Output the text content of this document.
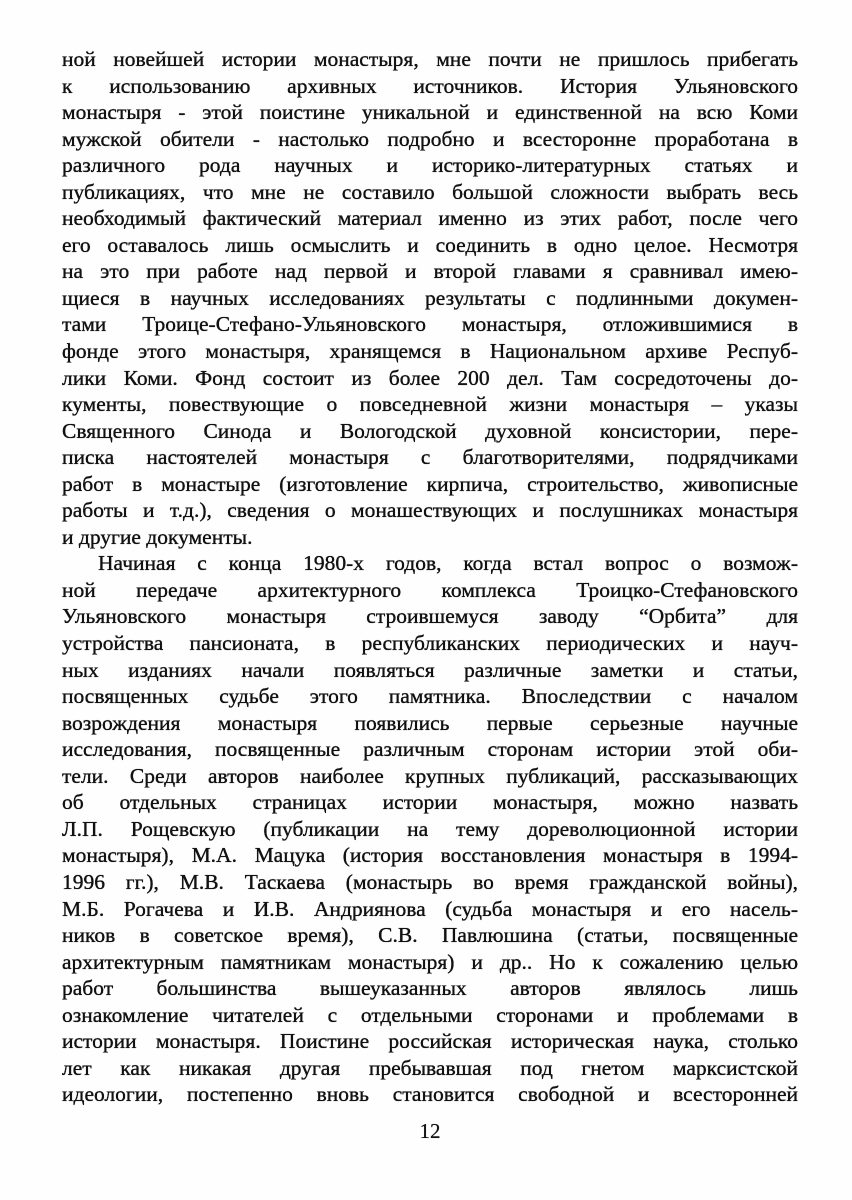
ной новейшей истории монастыря, мне почти не пришлось прибегать
к использованию архивных источников. История Ульяновского
монастыря - этой поистине уникальной и единственной на всю Коми
мужской обители - настолько подробно и всесторонне проработана в
различного рода научных и историко-литературных статьях и
публикациях, что мне не составило большой сложности выбрать весь
необходимый фактический материал именно из этих работ, после чего
его оставалось лишь осмыслить и соединить в одно целое. Несмотря
на это при работе над первой и второй главами я сравнивал имею-
щиеся в научных исследованиях результаты с подлинными докумен-
тами Троице-Стефано-Ульяновского монастыря, отложившимися в
фонде этого монастыря, хранящемся в Национальном архиве Респуб-
лики Коми. Фонд состоит из более 200 дел. Там сосредоточены до-
кументы, повествующие о повседневной жизни монастыря – указы
Священного Синода и Вологодской духовной консистории, пере-
писка настоятелей монастыря с благотворителями, подрядчиками
работ в монастыре (изготовление кирпича, строительство, живописные
работы и т.д.), сведения о монашествующих и послушниках монастыря
и другие документы.
Начиная с конца 1980-х годов, когда встал вопрос о возмож-
ной передаче архитектурного комплекса Троицко-Стефановского
Ульяновского монастыря строившемуся заводу “Орбита” для
устройства пансионата, в республиканских периодических и науч-
ных изданиях начали появляться различные заметки и статьи,
посвященных судьбе этого памятника. Впоследствии с началом
возрождения монастыря появились первые серьезные научные
исследования, посвященные различным сторонам истории этой оби-
тели. Среди авторов наиболее крупных публикаций, рассказывающих
об отдельных страницах истории монастыря, можно назвать
Л.П. Рощевскую (публикации на тему дореволюционной истории
монастыря), М.А. Мацука (история восстановления монастыря в 1994-
1996 гг.), М.В. Таскаева (монастырь во время гражданской войны),
М.Б. Рогачева и И.В. Андриянова (судьба монастыря и его насель-
ников в советское время), С.В. Павлюшина (статьи, посвященные
архитектурным памятникам монастыря) и др.. Но к сожалению целью
работ большинства вышеуказанных авторов являлось лишь
ознакомление читателей с отдельными сторонами и проблемами в
истории монастыря. Поистине российская историческая наука, столько
лет как никакая другая пребывавшая под гнетом марксистской
идеологии, постепенно вновь становится свободной и всесторонней
12
